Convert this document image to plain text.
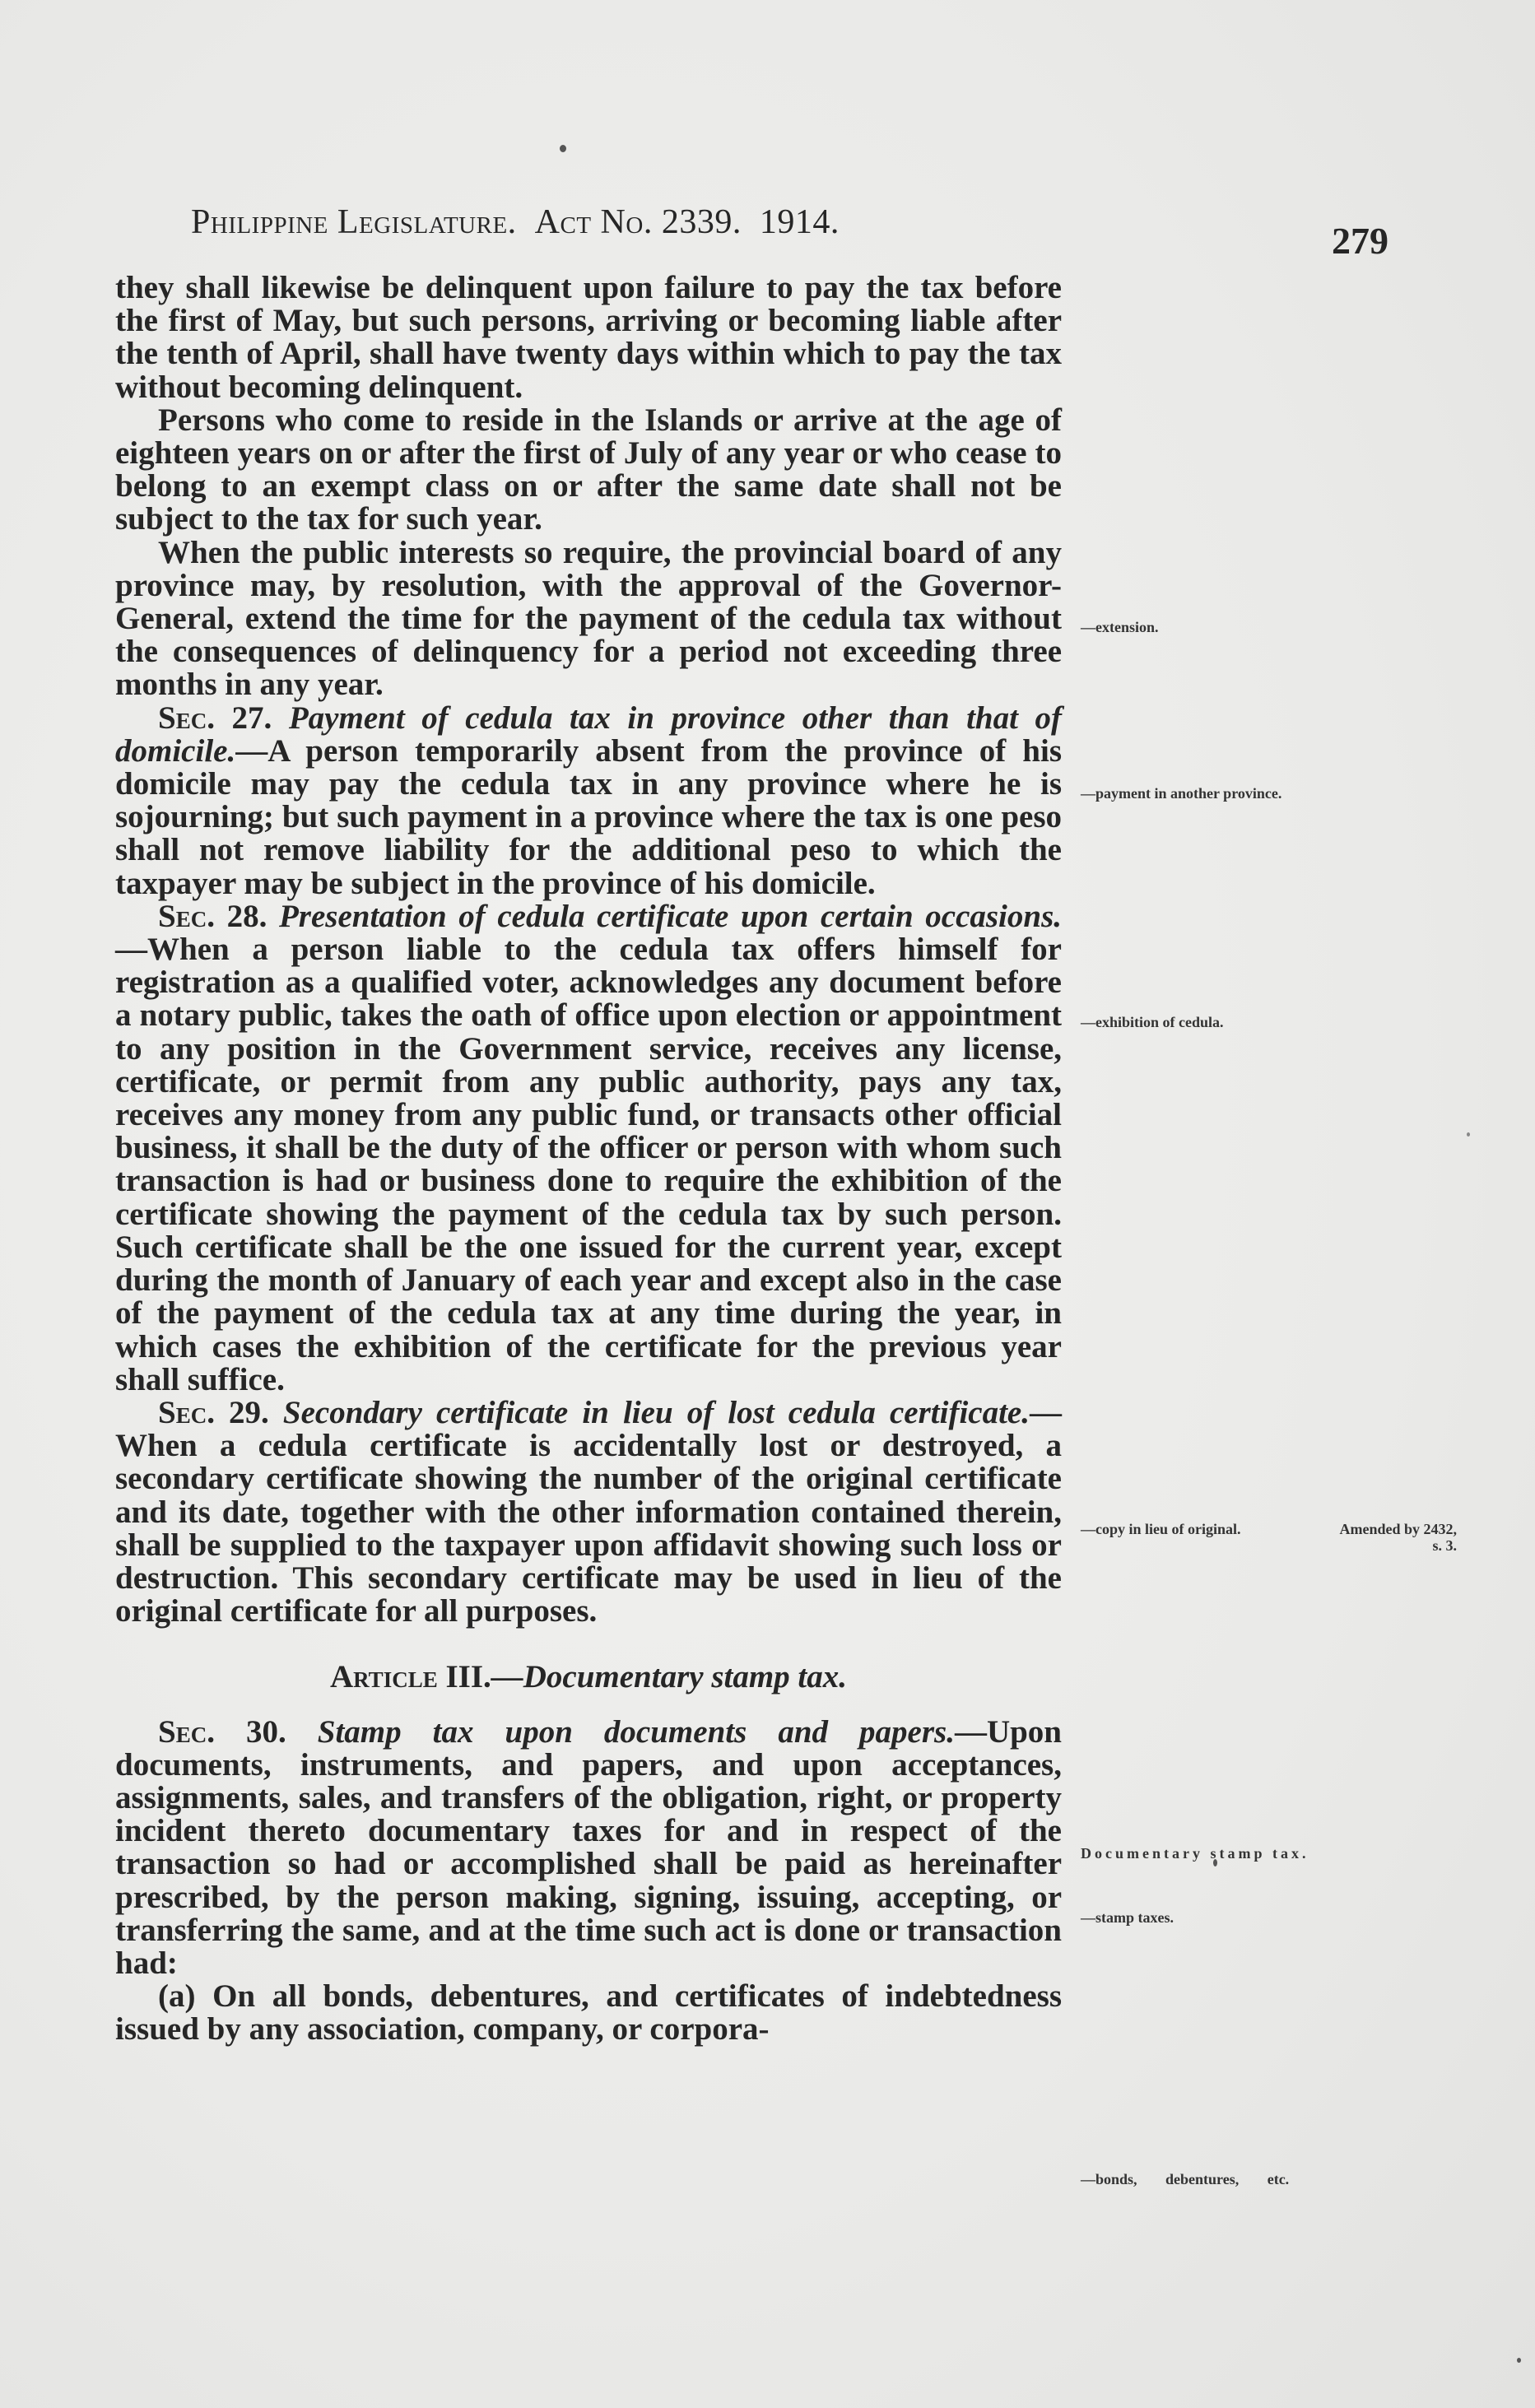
Philippine Legislature. Act No. 2339. 1914.	279

they shall likewise be delinquent upon failure to pay the tax before the first of May, but such persons, arriving or becoming liable after the tenth of April, shall have twenty days within which to pay the tax without becoming delinquent.

Persons who come to reside in the Islands or arrive at the age of eighteen years on or after the first of July of any year or who cease to belong to an exempt class on or after the same date shall not be subject to the tax for such year.

When the public interests so require, the provincial board of any province may, by resolution, with the approval of the Governor-General, extend the time for the payment of the cedula tax without the consequences of delinquency for a period not exceeding three months in any year.

Sec. 27. Payment of cedula tax in province other than that of domicile.—A person temporarily absent from the province of his domicile may pay the cedula tax in any province where he is sojourning; but such payment in a province where the tax is one peso shall not remove liability for the additional peso to which the taxpayer may be subject in the province of his domicile.

Sec. 28. Presentation of cedula certificate upon certain occasions.—When a person liable to the cedula tax offers himself for registration as a qualified voter, acknowledges any document before a notary public, takes the oath of office upon election or appointment to any position in the Government service, receives any license, certificate, or permit from any public authority, pays any tax, receives any money from any public fund, or transacts other official business, it shall be the duty of the officer or person with whom such transaction is had or business done to require the exhibition of the certificate showing the payment of the cedula tax by such person. Such certificate shall be the one issued for the current year, except during the month of January of each year and except also in the case of the payment of the cedula tax at any time during the year, in which cases the exhibition of the certificate for the previous year shall suffice.

Sec. 29. Secondary certificate in lieu of lost cedula certificate.—When a cedula certificate is accidentally lost or destroyed, a secondary certificate showing the number of the original certificate and its date, together with the other information contained therein, shall be supplied to the taxpayer upon affidavit showing such loss or destruction. This secondary certificate may be used in lieu of the original certificate for all purposes.

Article III.—Documentary stamp tax.

Sec. 30. Stamp tax upon documents and papers.—Upon documents, instruments, and papers, and upon acceptances, assignments, sales, and transfers of the obligation, right, or property incident thereto documentary taxes for and in respect of the transaction so had or accomplished shall be paid as hereinafter prescribed, by the person making, signing, issuing, accepting, or transferring the same, and at the time such act is done or transaction had:

(a) On all bonds, debentures, and certificates of indebtedness issued by any association, company, or corpora-

—extension.
—payment in another province.
—exhibition of cedula.
—copy in lieu of original.	Amended by 2432, s. 3.
Documentary stamp tax.
—stamp taxes.
—bonds, debentures, etc.
